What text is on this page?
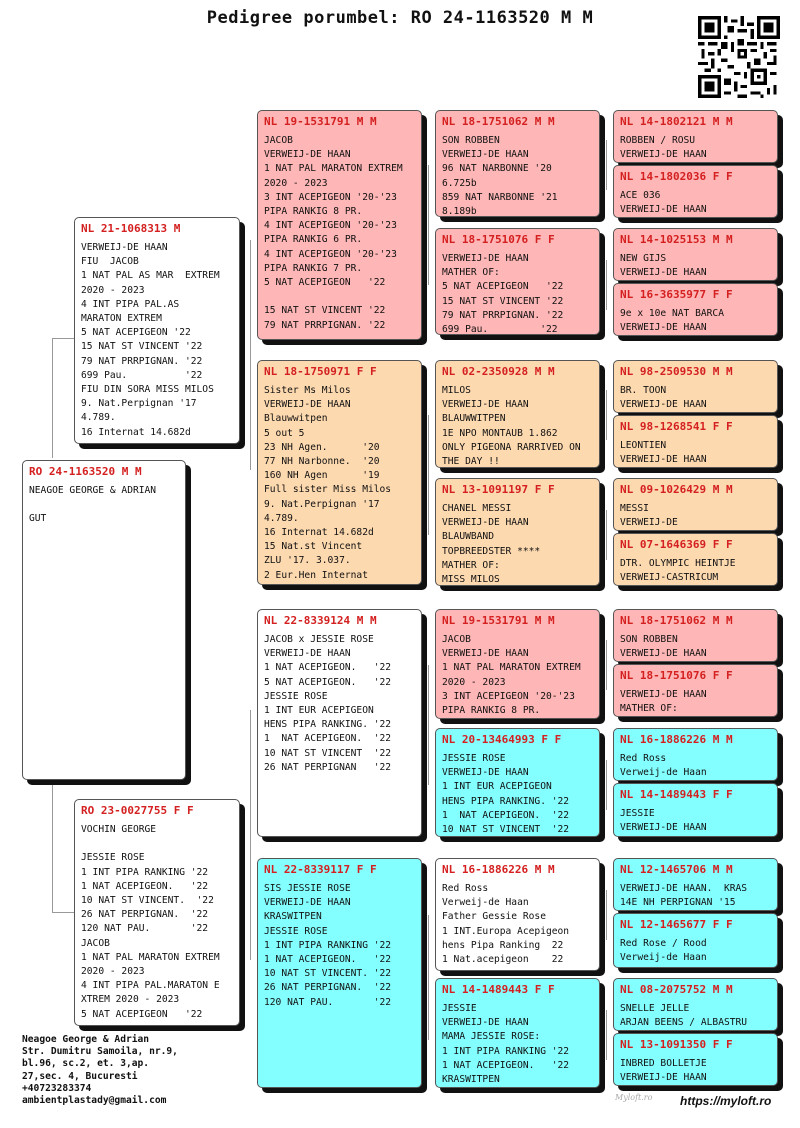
Pedigree porumbel: RO 24-1163520 M M
RO 24-1163520 M M
NEAGOE GEORGE & ADRIAN

GUT
NL 21-1068313 M
VERWEIJ-DE HAAN
FIU  JACOB
1 NAT PAL AS MAR  EXTREM
2020 - 2023
4 INT PIPA PAL.AS
MARATON EXTREM
5 NAT ACEPIGEON '22
15 NAT ST VINCENT '22
79 NAT PRRPIGNAN. '22
699 Pau.          '22
FIU DIN SORA MISS MILOS
9. Nat.Perpignan '17
4.789.
16 Internat 14.682d
RO 23-0027755 F F
VOCHIN GEORGE

JESSIE ROSE
1 INT PIPA RANKING '22
1 NAT ACEPIGEON.   '22
10 NAT ST VINCENT.  '22
26 NAT PERPIGNAN.  '22
120 NAT PAU.       '22
JACOB
1 NAT PAL MARATON EXTREM
2020 - 2023
4 INT PIPA PAL.MARATON E
XTREM 2020 - 2023
5 NAT ACEPIGEON   '22
NL 19-1531791 M M
JACOB
VERWEIJ-DE HAAN
1 NAT PAL MARATON EXTREM
2020 - 2023
3 INT ACEPIGEON '20-'23
PIPA RANKIG 8 PR.
4 INT ACEPIGEON '20-'23
PIPA RANKIG 6 PR.
4 INT ACEPIGEON '20-'23
PIPA RANKIG 7 PR.
5 NAT ACEPIGEON   '22

15 NAT ST VINCENT '22
79 NAT PRRPIGNAN. '22
NL 18-1750971 F F
Sister Ms Milos
VERWEIJ-DE HAAN
Blauwwitpen
5 out 5
23 NH Agen.      '20
77 NH Narbonne.  '20
160 NH Agen      '19
Full sister Miss Milos
9. Nat.Perpignan '17
4.789.
16 Internat 14.682d
15 Nat.st Vincent
ZLU '17. 3.037.
2 Eur.Hen Internat
NL 22-8339124 M M
JACOB x JESSIE ROSE
VERWEIJ-DE HAAN
1 NAT ACEPIGEON.   '22
5 NAT ACEPIGEON.   '22
JESSIE ROSE
1 INT EUR ACEPIGEON
HENS PIPA RANKING. '22
1  NAT ACEPIGEON.  '22
10 NAT ST VINCENT  '22
26 NAT PERPIGNAN   '22
NL 22-8339117 F F
SIS JESSIE ROSE
VERWEIJ-DE HAAN
KRASWITPEN
JESSIE ROSE
1 INT PIPA RANKING '22
1 NAT ACEPIGEON.   '22
10 NAT ST VINCENT. '22
26 NAT PERPIGNAN.  '22
120 NAT PAU.       '22
NL 18-1751062 M M
SON ROBBEN
VERWEIJ-DE HAAN
96 NAT NARBONNE '20
6.725b
859 NAT NARBONNE '21
8.189b
NL 18-1751076 F F
VERWEIJ-DE HAAN
MATHER OF:
5 NAT ACEPIGEON   '22
15 NAT ST VINCENT '22
79 NAT PRRPIGNAN. '22
699 Pau.         '22
NL 02-2350928 M M
MILOS
VERWEIJ-DE HAAN
BLAUWWITPEN
1E NPO MONTAUB 1.862
ONLY PIGEONA RARRIVED ON
THE DAY !!
NL 13-1091197 F F
CHANEL MESSI
VERWEIJ-DE HAAN
BLAUWBAND
TOPBREEDSTER ****
MATHER OF:
MISS MILOS
NL 19-1531791 M M
JACOB
VERWEIJ-DE HAAN
1 NAT PAL MARATON EXTREM
2020 - 2023
3 INT ACEPIGEON '20-'23
PIPA RANKIG 8 PR.
NL 20-13464993 F F
JESSIE ROSE
VERWEIJ-DE HAAN
1 INT EUR ACEPIGEON
HENS PIPA RANKING. '22
1  NAT ACEPIGEON.  '22
10 NAT ST VINCENT  '22
NL 16-1886226 M M
Red Ross
Verweij-de Haan
Father Gessie Rose
1 INT.Europa Acepigeon
hens Pipa Ranking  22
1 Nat.acepigeon    22
NL 14-1489443 F F
JESSIE
VERWEIJ-DE HAAN
MAMA JESSIE ROSE:
1 INT PIPA RANKING '22
1 NAT ACEPIGEON.   '22
KRASWITPEN
NL 14-1802121 M M
ROBBEN / ROSU
VERWEIJ-DE HAAN
NL 14-1802036 F F
ACE 036
VERWEIJ-DE HAAN
NL 14-1025153 M M
NEW GIJS
VERWEIJ-DE HAAN
NL 16-3635977 F F
9e x 10e NAT BARCA
VERWEIJ-DE HAAN
NL 98-2509530 M M
BR. TOON
VERWEIJ-DE HAAN
NL 98-1268541 F F
LEONTIEN
VERWEIJ-DE HAAN
NL 09-1026429 M M
MESSI
VERWEIJ-DE
NL 07-1646369 F F
DTR. OLYMPIC HEINTJE
VERWEIJ-CASTRICUM
NL 18-1751062 M M
SON ROBBEN
VERWEIJ-DE HAAN
NL 18-1751076 F F
VERWEIJ-DE HAAN
MATHER OF:
NL 16-1886226 M M
Red Ross
Verweij-de Haan
NL 14-1489443 F F
JESSIE
VERWEIJ-DE HAAN
NL 12-1465706 M M
VERWEIJ-DE HAAN.  KRAS
14E NH PERPIGNAN '15
NL 12-1465677 F F
Red Rose / Rood
Verweij-de Haan
NL 08-2075752 M M
SNELLE JELLE
ARJAN BEENS / ALBASTRU
NL 13-1091350 F F
INBRED BOLLETJE
VERWEIJ-DE HAAN
Neagoe George & Adrian
Str. Dumitru Samoila, nr.9,
bl.96, sc.2, et. 3,ap.
27,sec. 4, Bucuresti
+40723283374
ambientplastady@gmail.com	Myloft.ro https://myloft.ro
